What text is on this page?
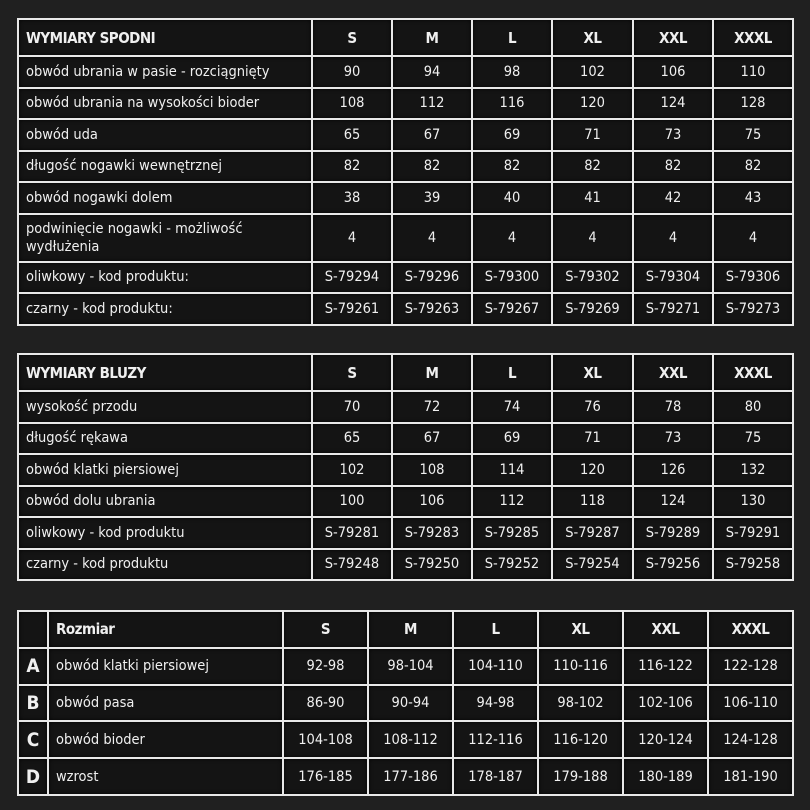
WYMIARY SPODNI	S	M	L	XL	XXL	XXXL
obwód ubrania w pasie - rozciągnięty	90	94	98	102	106	110
obwód ubrania na wysokości bioder	108	112	116	120	124	128
obwód uda	65	67	69	71	73	75
długość nogawki wewnętrznej	82	82	82	82	82	82
obwód nogawki dolem	38	39	40	41	42	43
podwinięcie nogawki - możliwość wydłużenia	4	4	4	4	4	4
oliwkowy - kod produktu:	S-79294	S-79296	S-79300	S-79302	S-79304	S-79306
czarny - kod produktu:	S-79261	S-79263	S-79267	S-79269	S-79271	S-79273
WYMIARY BLUZY	S	M	L	XL	XXL	XXXL
wysokość przodu	70	72	74	76	78	80
długość rękawa	65	67	69	71	73	75
obwód klatki piersiowej	102	108	114	120	126	132
obwód dolu ubrania	100	106	112	118	124	130
oliwkowy - kod produktu	S-79281	S-79283	S-79285	S-79287	S-79289	S-79291
czarny - kod produktu	S-79248	S-79250	S-79252	S-79254	S-79256	S-79258
	Rozmiar	S	M	L	XL	XXL	XXXL
A	obwód klatki piersiowej	92-98	98-104	104-110	110-116	116-122	122-128
B	obwód pasa	86-90	90-94	94-98	98-102	102-106	106-110
C	obwód bioder	104-108	108-112	112-116	116-120	120-124	124-128
D	wzrost	176-185	177-186	178-187	179-188	180-189	181-190
